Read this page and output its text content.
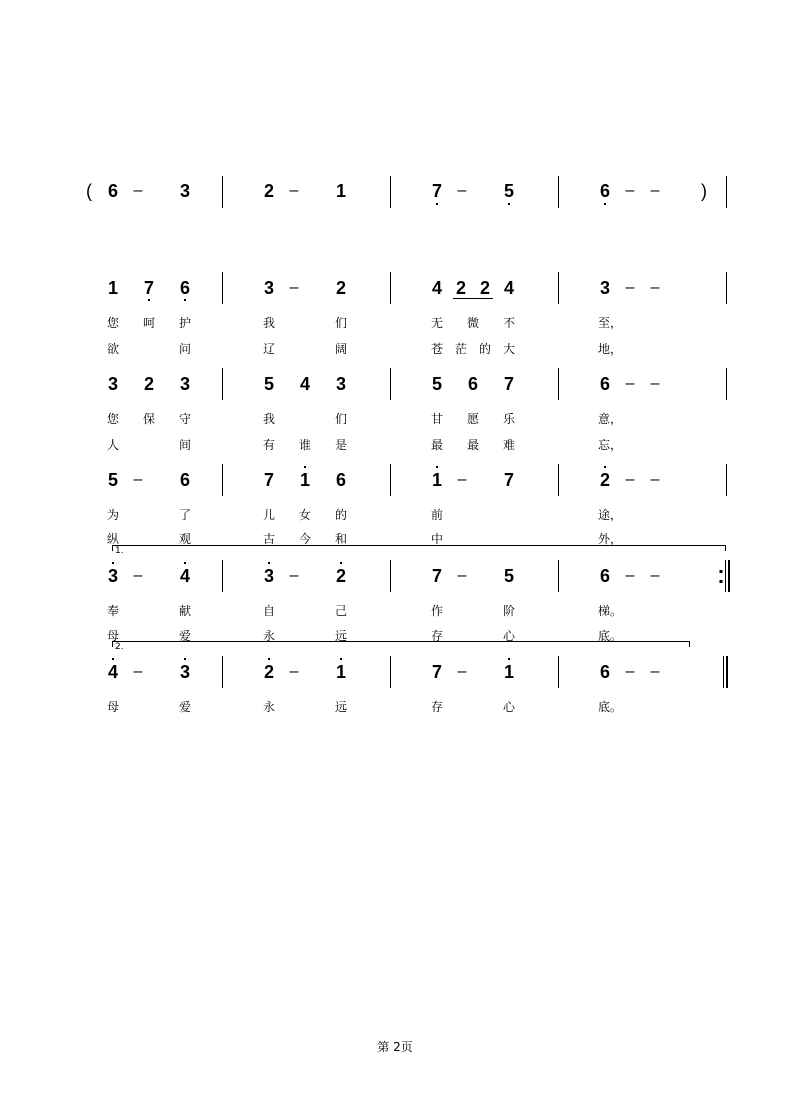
( 6 – 3	2 – 1	7 – 5	6 – – )
1 7 6	3 – 2	4 2 2 4	3 – –
您 呵 护	我	们	无 微 不	至，
欲	问	辽	阔	苍 茫 的 大	地，
3 2 3	5 4 3	5 6 7	6 – –
您 保 守	我	们	甘 愿 乐	意，
人	间	有 谁 是	最 最 难	忘，
5 – 6	7 1 6	1 – 7	2 – –
为	了	儿 女 的	前	途，
纵	观	古 今 和	中	外，
1.
3 – 4	3 – 2	7 – 5	6 – –
奉	献	自	己	作	阶	梯。
母	爱	永	远	存	心	底。
2.
4 – 3	2 – 1	7 – 1	6 – –
母	爱	永	远	存	心	底。
第 2页
